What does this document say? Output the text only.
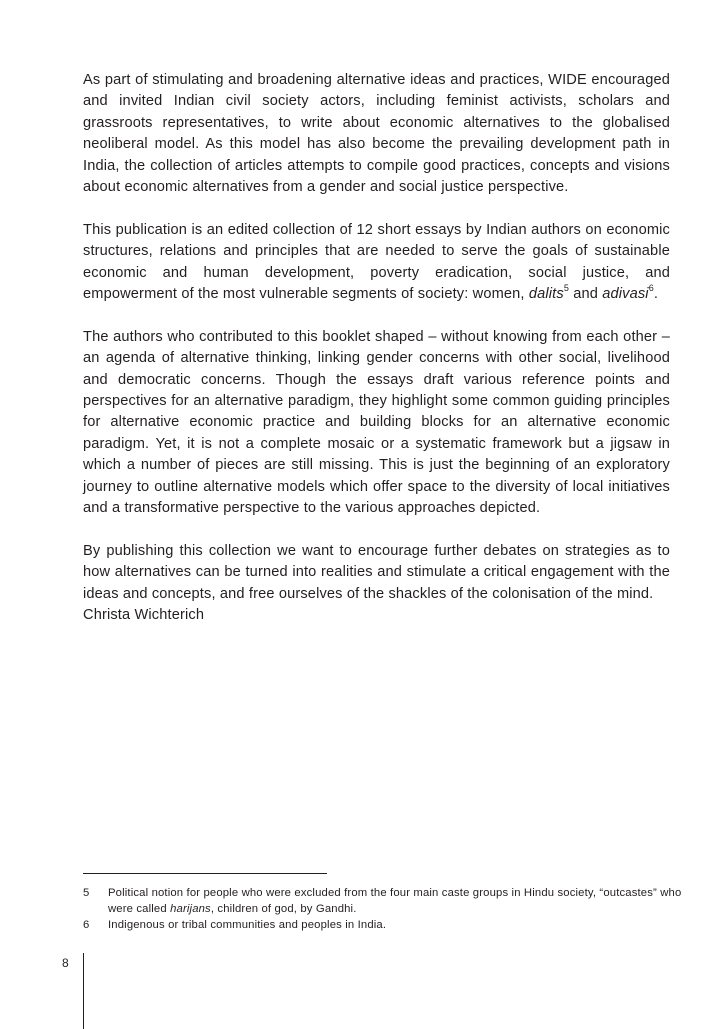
As part of stimulating and broadening alternative ideas and practices, WIDE encouraged and invited Indian civil society actors, including feminist activists, scholars and grassroots representatives, to write about economic alternatives to the globalised neoliberal model. As this model has also become the prevailing development path in India, the collection of articles attempts to compile good practices, concepts and visions about economic alternatives from a gender and social justice perspective.

This publication is an edited collection of 12 short essays by Indian authors on economic structures, relations and principles that are needed to serve the goals of sustainable economic and human development, poverty eradication, social justice, and empowerment of the most vulnerable segments of society: women, dalits$^5$ and adivasi$^6$.

The authors who contributed to this booklet shaped – without knowing from each other – an agenda of alternative thinking, linking gender concerns with other social, livelihood and democratic concerns. Though the essays draft various reference points and perspectives for an alternative paradigm, they highlight some common guiding principles for alternative economic practice and building blocks for an alternative economic paradigm. Yet, it is not a complete mosaic or a systematic framework but a jigsaw in which a number of pieces are still missing. This is just the beginning of an exploratory journey to outline alternative models which offer space to the diversity of local initiatives and a transformative perspective to the various approaches depicted.

By publishing this collection we want to encourage further debates on strategies as to how alternatives can be turned into realities and stimulate a critical engagement with the ideas and concepts, and free ourselves of the shackles of the colonisation of the mind.

Christa Wichterich

5	Political notion for people who were excluded from the four main caste groups in Hindu society, “outcastes” who were called harijans, children of god, by Gandhi.
6	Indigenous or tribal communities and peoples in India.
8
